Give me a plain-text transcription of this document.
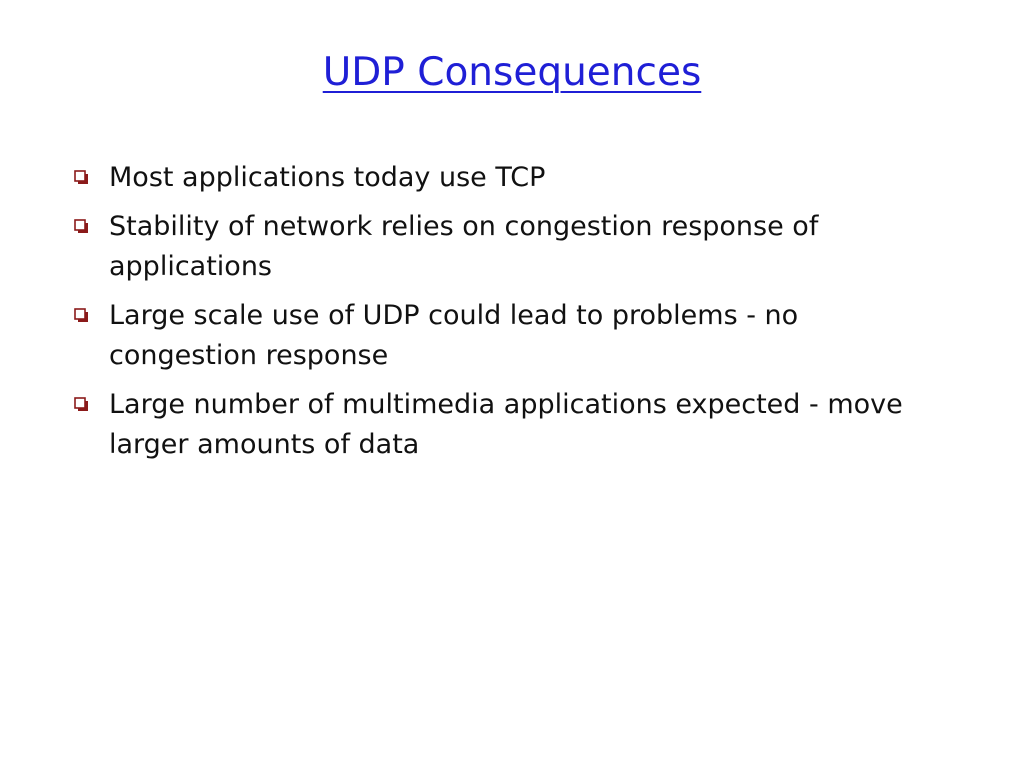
UDP Consequences
Most applications today use TCP
Stability of network relies on congestion response of applications
Large scale use of UDP could lead to problems - no congestion response
Large number of multimedia applications expected - move larger amounts of data
